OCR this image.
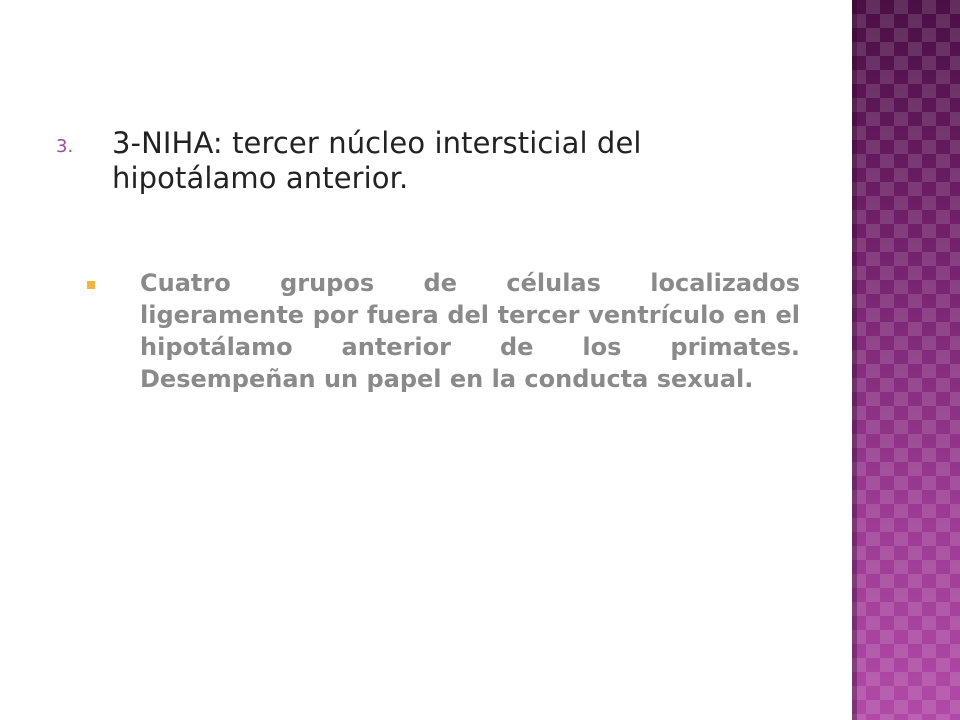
3.	3-NIHA: tercer núcleo intersticial del hipotálamo anterior.
Cuatro grupos de células localizados ligeramente por fuera del tercer ventrículo en el hipotálamo anterior de los primates. Desempeñan un papel en la conducta sexual.
